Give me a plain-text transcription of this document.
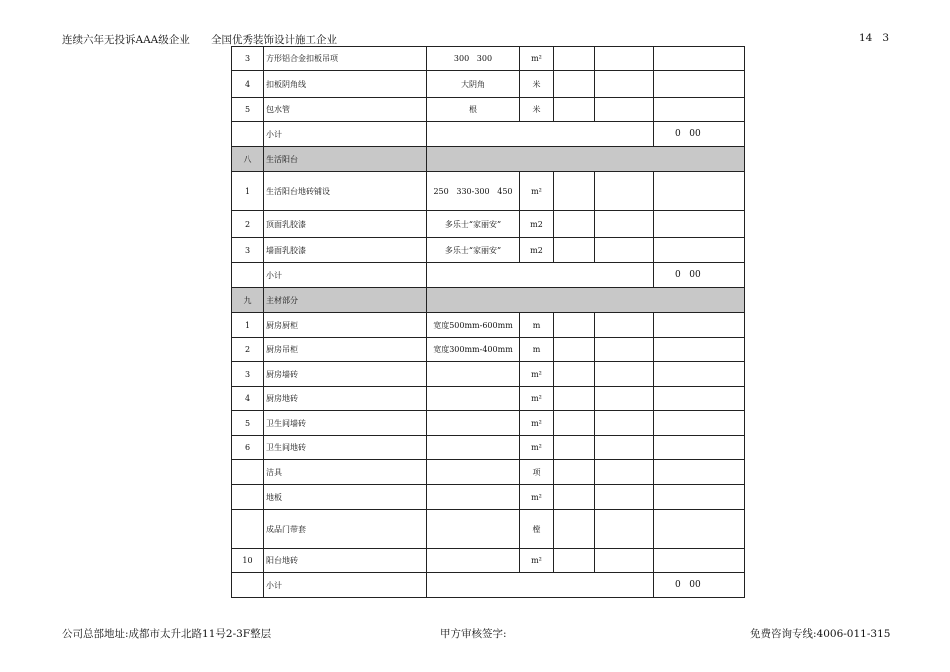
连续六年无投诉AAA级企业 全国优秀装饰设计施工企业	14   3
3	方形铝合金扣板吊项	300   300	m²			
4	扣板阴角线	大阴角	米			
5	包水管	根	米			
	小计					0   00
八	生活阳台					
1	生活阳台地砖铺设	250   330-300   450	m²			
2	顶面乳胶漆	多乐士“家丽安”	m2			
3	墙面乳胶漆	多乐士“家丽安”	m2			
	小计					0   00
九	主材部分					
1	厨房厨柜	宽度500mm-600mm	m			
2	厨房吊柜	宽度300mm-400mm	m			
3	厨房墙砖		m²			
4	厨房地砖		m²			
5	卫生间墙砖		m²			
6	卫生间地砖		m²			
	洁具		项			
	地板		m²			
	成品门带套		樘			
10	阳台地砖		m²			
	小计					0   00
公司总部地址:成都市太升北路11号2-3F整层	甲方审核签字:	免费咨询专线:4006-011-315
